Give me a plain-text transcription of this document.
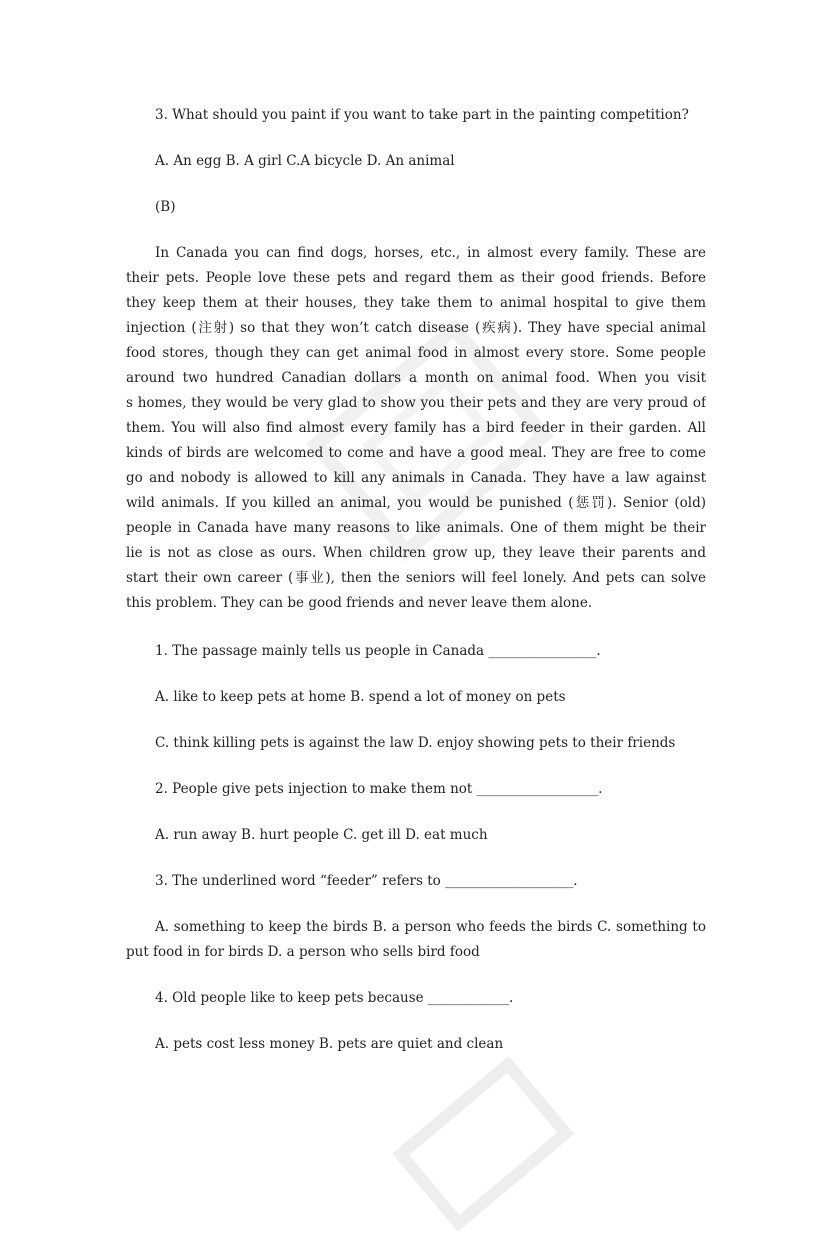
3. What should you paint if you want to take part in the painting competition?
A. An egg B. A girl C.A bicycle D. An animal
(B)
In Canada you can find dogs, horses, etc., in almost every family. These are
their pets. People love these pets and regard them as their good friends. Before
they keep them at their houses, they take them to animal hospital to give them
injection (注射) so that they won’t catch disease (疾病). They have special animal
food stores, though they can get animal food in almost every store. Some people
around two hundred Canadian dollars a month on animal food. When you visit
s homes, they would be very glad to show you their pets and they are very proud of
them. You will also find almost every family has a bird feeder in their garden. All
kinds of birds are welcomed to come and have a good meal. They are free to come
go and nobody is allowed to kill any animals in Canada. They have a law against
wild animals. If you killed an animal, you would be punished (惩罚). Senior (old)
people in Canada have many reasons to like animals. One of them might be their
lie is not as close as ours. When children grow up, they leave their parents and
start their own career (事业), then the seniors will feel lonely. And pets can solve
this problem. They can be good friends and never leave them alone.
1. The passage mainly tells us people in Canada ________________.
A. like to keep pets at home B. spend a lot of money on pets
C. think killing pets is against the law D. enjoy showing pets to their friends
2. People give pets injection to make them not __________________.
A. run away B. hurt people C. get ill D. eat much
3. The underlined word “feeder” refers to ___________________.
A. something to keep the birds B. a person who feeds the birds C. something to
put food in for birds D. a person who sells bird food
4. Old people like to keep pets because ____________.
A. pets cost less money B. pets are quiet and clean
